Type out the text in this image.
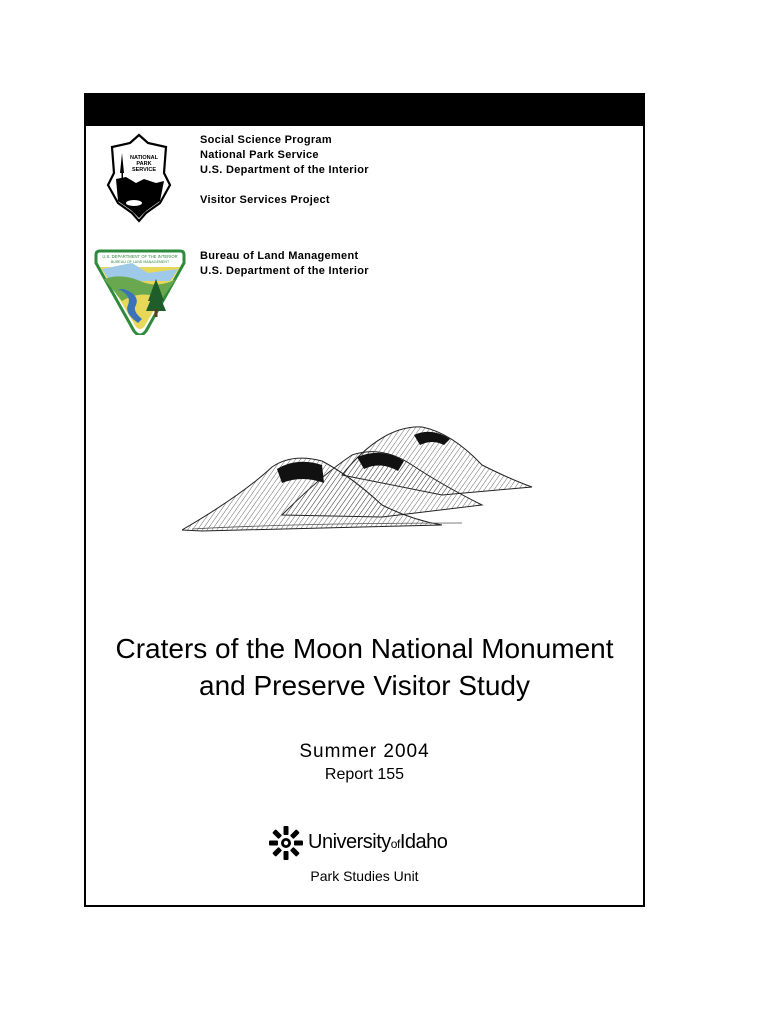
NATIONAL
PARK
SERVICE
Social Science Program
National Park Service
U.S. Department of the Interior
Visitor Services Project
U.S. DEPARTMENT OF THE INTERIOR
BUREAU OF LAND MANAGEMENT	Bureau of Land Management
U.S. Department of the Interior
Craters of the Moon National Monument
and Preserve Visitor Study
Summer 2004
Report 155
UniversityofIdaho
Park Studies Unit
